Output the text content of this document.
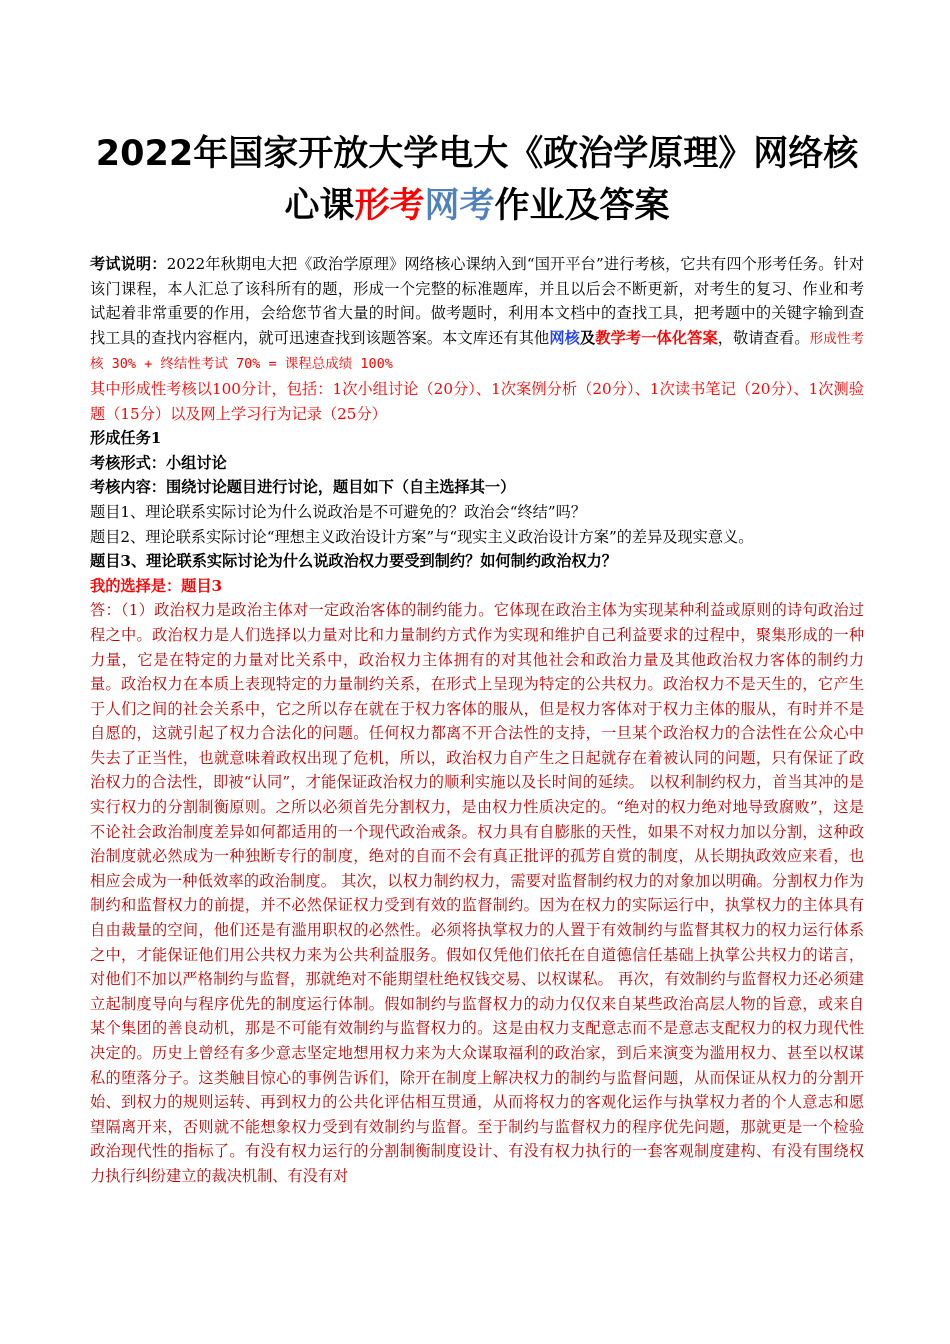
2022年国家开放大学电大《政治学原理》网络核
心课形考网考作业及答案

考试说明：2022年秋期电大把《政治学原理》网络核心课纳入到“国开平台”进行考核，它共有四个形考任务。针对该门课程，本人汇总了该科所有的题，形成一个完整的标准题库，并且以后会不断更新，对考生的复习、作业和考试起着非常重要的作用，会给您节省大量的时间。做考题时，利用本文档中的查找工具，把考题中的关键字输到查找工具的查找内容框内，就可迅速查找到该题答案。本文库还有其他网核及教学考一体化答案，敬请查看。形成性考核 30% + 终结性考试 70% = 课程总成绩 100%

其中形成性考核以100分计，包括：1次小组讨论（20分）、1次案例分析（20分）、1次读书笔记（20分）、1次测验题（15分）以及网上学习行为记录（25分）

形成任务1

考核形式：小组讨论

考核内容：围绕讨论题目进行讨论，题目如下（自主选择其一）

题目1、理论联系实际讨论为什么说政治是不可避免的？政治会“终结”吗？

题目2、理论联系实际讨论“理想主义政治设计方案”与“现实主义政治设计方案”的差异及现实意义。

题目3、理论联系实际讨论为什么说政治权力要受到制约？如何制约政治权力？

我的选择是：题目3

答：（1）政治权力是政治主体对一定政治客体的制约能力。它体现在政治主体为实现某种利益或原则的诗句政治过程之中。政治权力是人们选择以力量对比和力量制约方式作为实现和维护自己利益要求的过程中，聚集形成的一种力量，它是在特定的力量对比关系中，政治权力主体拥有的对其他社会和政治力量及其他政治权力客体的制约力量。政治权力在本质上表现特定的力量制约关系，在形式上呈现为特定的公共权力。政治权力不是天生的，它产生于人们之间的社会关系中，它之所以存在就在于权力客体的服从，但是权力客体对于权力主体的服从，有时并不是自愿的，这就引起了权力合法化的问题。任何权力都离不开合法性的支持，一旦某个政治权力的合法性在公众心中失去了正当性，也就意味着政权出现了危机，所以，政治权力自产生之日起就存在着被认同的问题，只有保证了政治权力的合法性，即被“认同”，才能保证政治权力的顺利实施以及长时间的延续。 以权利制约权力，首当其冲的是实行权力的分割制衡原则。之所以必须首先分割权力，是由权力性质决定的。“绝对的权力绝对地导致腐败”，这是不论社会政治制度差异如何都适用的一个现代政治戒条。权力具有自膨胀的天性，如果不对权力加以分割，这种政治制度就必然成为一种独断专行的制度，绝对的自而不会有真正批评的孤芳自赏的制度，从长期执政效应来看，也相应会成为一种低效率的政治制度。 其次，以权力制约权力，需要对监督制约权力的对象加以明确。分割权力作为制约和监督权力的前提，并不必然保证权力受到有效的监督制约。因为在权力的实际运行中，执掌权力的主体具有自由裁量的空间，他们还是有滥用职权的必然性。必须将执掌权力的人置于有效制约与监督其权力的权力运行体系之中，才能保证他们用公共权力来为公共利益服务。假如仅凭他们依托在自道德信任基础上执掌公共权力的诺言，对他们不加以严格制约与监督，那就绝对不能期望杜绝权钱交易、以权谋私。 再次，有效制约与监督权力还必须建立起制度导向与程序优先的制度运行体制。假如制约与监督权力的动力仅仅来自某些政治高层人物的旨意，或来自某个集团的善良动机，那是不可能有效制约与监督权力的。这是由权力支配意志而不是意志支配权力的权力现代性决定的。历史上曾经有多少意志坚定地想用权力来为大众谋取福利的政治家，到后来演变为滥用权力、甚至以权谋私的堕落分子。这类触目惊心的事例告诉们，除开在制度上解决权力的制约与监督问题，从而保证从权力的分割开始、到权力的规则运转、再到权力的公共化评估相互贯通，从而将权力的客观化运作与执掌权力者的个人意志和愿望隔离开来，否则就不能想象权力受到有效制约与监督。至于制约与监督权力的程序优先问题，那就更是一个检验政治现代性的指标了。有没有权力运行的分割制衡制度设计、有没有权力执行的一套客观制度建构、有没有围绕权力执行纠纷建立的裁决机制、有没有对
